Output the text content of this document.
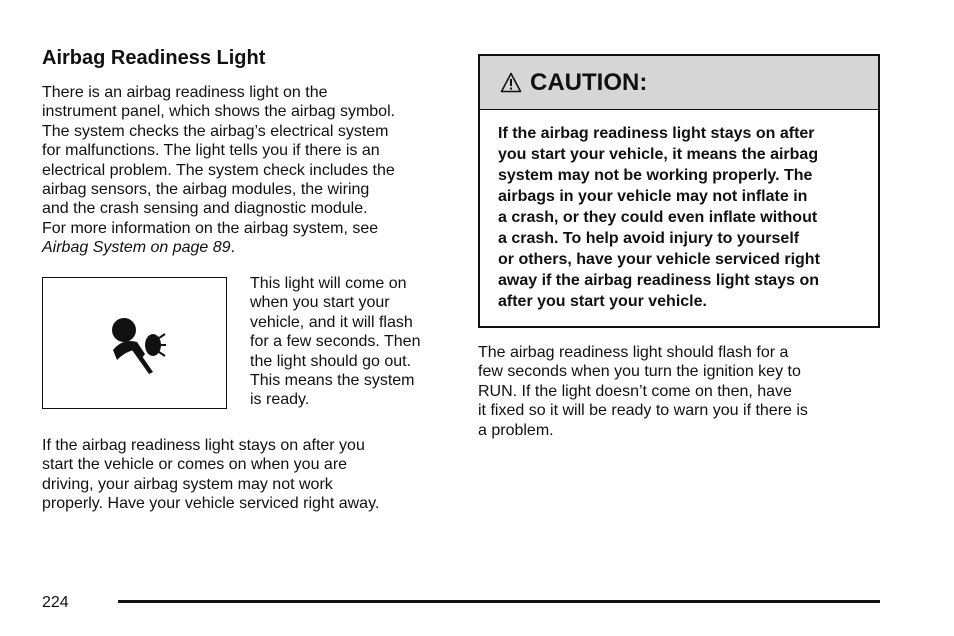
Airbag Readiness Light

There is an airbag readiness light on the
instrument panel, which shows the airbag symbol.
The system checks the airbag’s electrical system
for malfunctions. The light tells you if there is an
electrical problem. The system check includes the
airbag sensors, the airbag modules, the wiring
and the crash sensing and diagnostic module.
For more information on the airbag system, see
Airbag System on page 89.

This light will come on
when you start your
vehicle, and it will flash
for a few seconds. Then
the light should go out.
This means the system
is ready.

If the airbag readiness light stays on after you
start the vehicle or comes on when you are
driving, your airbag system may not work
properly. Have your vehicle serviced right away.

CAUTION:

If the airbag readiness light stays on after
you start your vehicle, it means the airbag
system may not be working properly. The
airbags in your vehicle may not inflate in
a crash, or they could even inflate without
a crash. To help avoid injury to yourself
or others, have your vehicle serviced right
away if the airbag readiness light stays on
after you start your vehicle.

The airbag readiness light should flash for a
few seconds when you turn the ignition key to
RUN. If the light doesn’t come on then, have
it fixed so it will be ready to warn you if there is
a problem.

224
